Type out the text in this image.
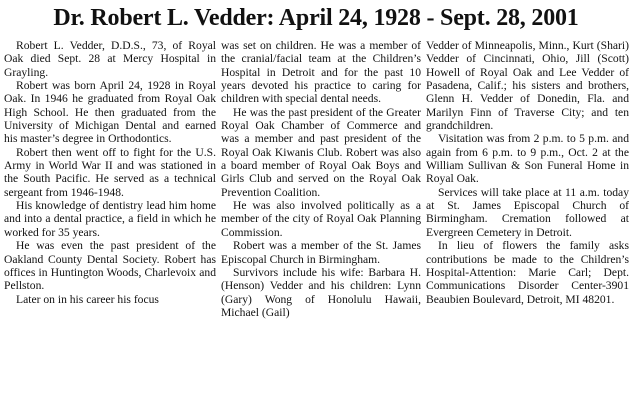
Dr. Robert L. Vedder: April 24, 1928 - Sept. 28, 2001

Robert L. Vedder, D.D.S., 73, of Royal Oak died Sept. 28 at Mercy Hospital in Grayling.

Robert was born April 24, 1928 in Royal Oak. In 1946 he graduated from Royal Oak High School. He then graduated from the University of Michigan Dental and earned his master’s degree in Orthodontics.

Robert then went off to fight for the U.S. Army in World War II and was stationed in the South Pacific. He served as a technical sergeant from 1946-1948.

His knowledge of dentistry lead him home and into a dental practice, a field in which he worked for 35 years.

He was even the past president of the Oakland County Dental Society. Robert has offices in Huntington Woods, Charlevoix and Pellston.

Later on in his career his focus

was set on children. He was a member of the cranial/facial team at the Children’s Hospital in Detroit and for the past 10 years devoted his practice to caring for children with special dental needs.

He was the past president of the Greater Royal Oak Chamber of Commerce and was a member and past president of the Royal Oak Kiwanis Club. Robert was also a board member of Royal Oak Boys and Girls Club and served on the Royal Oak Prevention Coalition.

He was also involved politically as a member of the city of Royal Oak Planning Commission.

Robert was a member of the St. James Episcopal Church in Birmingham.

Survivors include his wife: Barbara H. (Henson) Vedder and his children: Lynn (Gary) Wong of Honolulu Hawaii, Michael (Gail)

Vedder of Minneapolis, Minn., Kurt (Shari) Vedder of Cincinnati, Ohio, Jill (Scott) Howell of Royal Oak and Lee Vedder of Pasadena, Calif.; his sisters and brothers, Glenn H. Vedder of Donedin, Fla. and Marilyn Finn of Traverse City; and ten grandchildren.

Visitation was from 2 p.m. to 5 p.m. and again from 6 p.m. to 9 p.m., Oct. 2 at the William Sullivan & Son Funeral Home in Royal Oak.

Services will take place at 11 a.m. today at St. James Episcopal Church of Birmingham. Cremation followed at Evergreen Cemetery in Detroit.

In lieu of flowers the family asks contributions be made to the Children’s Hospital-Attention: Marie Carl; Dept. Communications Disorder Center-3901 Beaubien Boulevard, Detroit, MI 48201.
